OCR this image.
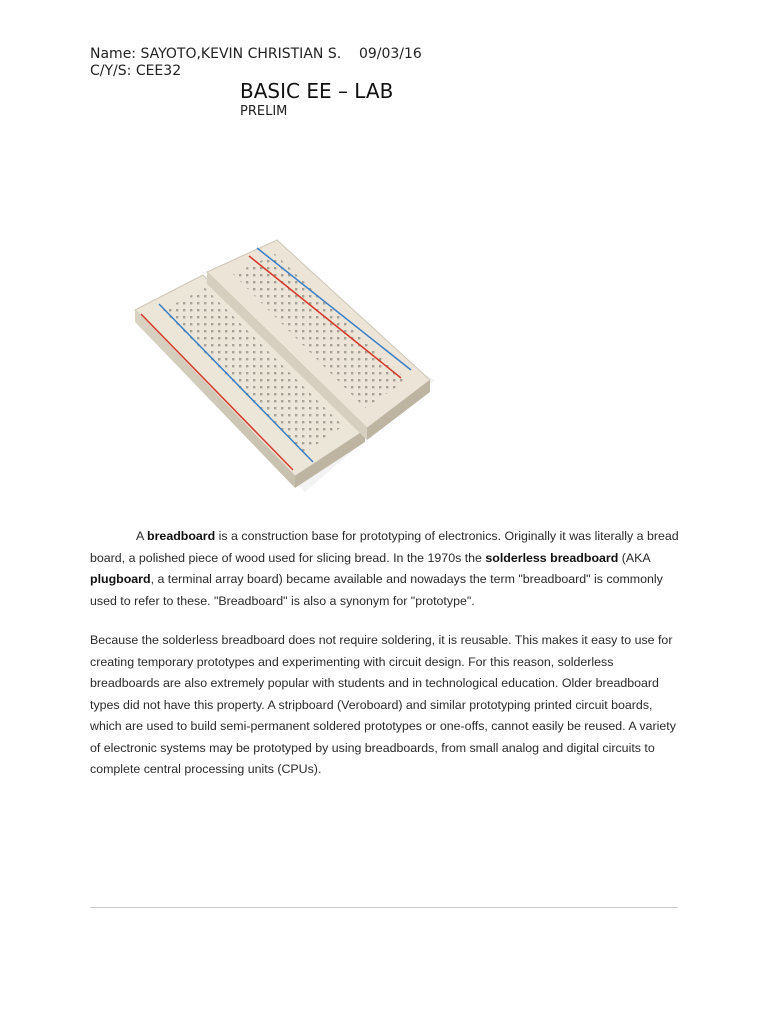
Name: SAYOTO,KEVIN CHRISTIAN S.    09/03/16
C/Y/S: CEE32
BASIC EE – LAB
PRELIM

A breadboard is a construction base for prototyping of electronics. Originally it was literally a bread board, a polished piece of wood used for slicing bread. In the 1970s the solderless breadboard (AKA plugboard, a terminal array board) became available and nowadays the term "breadboard" is commonly used to refer to these. "Breadboard" is also a synonym for "prototype".

Because the solderless breadboard does not require soldering, it is reusable. This makes it easy to use for creating temporary prototypes and experimenting with circuit design. For this reason, solderless breadboards are also extremely popular with students and in technological education. Older breadboard types did not have this property. A stripboard (Veroboard) and similar prototyping printed circuit boards, which are used to build semi-permanent soldered prototypes or one-offs, cannot easily be reused. A variety of electronic systems may be prototyped by using breadboards, from small analog and digital circuits to complete central processing units (CPUs).
